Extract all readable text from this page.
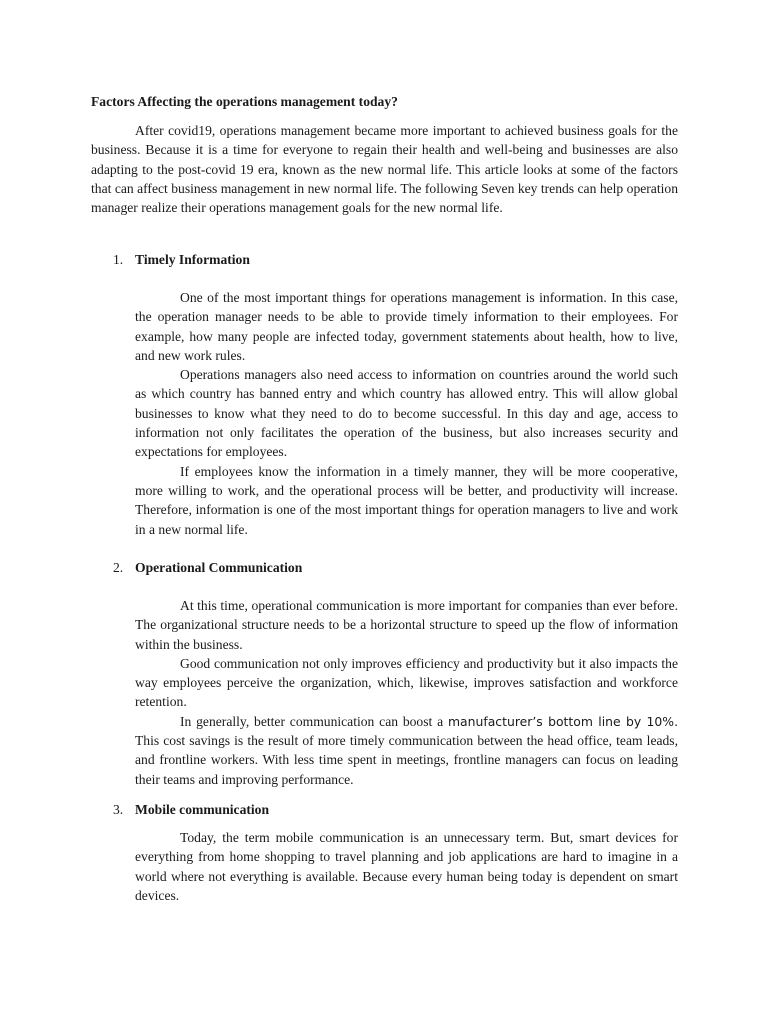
Factors Affecting the operations management today?

After covid19, operations management became more important to achieved business goals for the business. Because it is a time for everyone to regain their health and well-being and businesses are also adapting to the post-covid 19 era, known as the new normal life. This article looks at some of the factors that can affect business management in new normal life. The following Seven key trends can help operation manager realize their operations management goals for the new normal life.

1. Timely Information

One of the most important things for operations management is information. In this case, the operation manager needs to be able to provide timely information to their employees. For example, how many people are infected today, government statements about health, how to live, and new work rules.

Operations managers also need access to information on countries around the world such as which country has banned entry and which country has allowed entry. This will allow global businesses to know what they need to do to become successful. In this day and age, access to information not only facilitates the operation of the business, but also increases security and expectations for employees.

If employees know the information in a timely manner, they will be more cooperative, more willing to work, and the operational process will be better, and productivity will increase. Therefore, information is one of the most important things for operation managers to live and work in a new normal life.

2. Operational Communication

At this time, operational communication is more important for companies than ever before. The organizational structure needs to be a horizontal structure to speed up the flow of information within the business.

Good communication not only improves efficiency and productivity but it also impacts the way employees perceive the organization, which, likewise, improves satisfaction and workforce retention.

In generally, better communication can boost a manufacturer’s bottom line by 10%. This cost savings is the result of more timely communication between the head office, team leads, and frontline workers. With less time spent in meetings, frontline managers can focus on leading their teams and improving performance.

3. Mobile communication

Today, the term mobile communication is an unnecessary term. But, smart devices for everything from home shopping to travel planning and job applications are hard to imagine in a world where not everything is available. Because every human being today is dependent on smart devices.
